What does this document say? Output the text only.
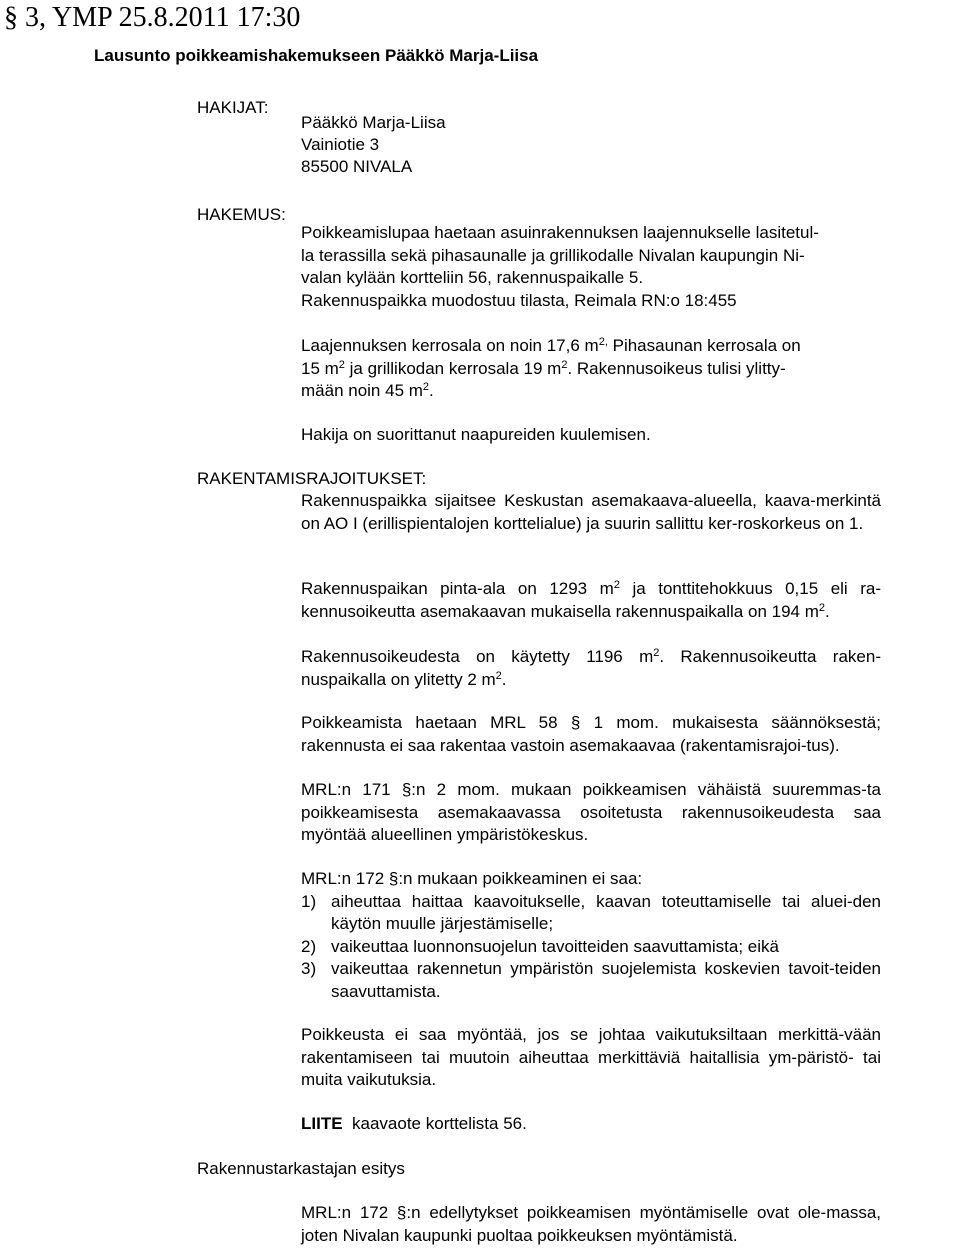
§ 3, YMP 25.8.2011 17:30
Lausunto poikkeamishakemukseen Pääkkö Marja-Liisa
HAKIJAT:

Pääkkö Marja-Liisa

Vainiotie 3

85500 NIVALA

HAKEMUS:

Poikkeamislupaa haetaan asuinrakennuksen laajennukselle lasitetul-

la terassilla sekä pihasaunalle ja grillikodalle Nivalan kaupungin Ni-

valan kylään kortteliin 56, rakennuspaikalle 5.

Rakennuspaikka muodostuu tilasta, Reimala RN:o 18:455

Laajennuksen kerrosala on noin 17,6 $m^{2,}$ Pihasaunan kerrosala on

15 $m^2$ ja grillikodan kerrosala 19 $m^2$. Rakennusoikeus tulisi ylitty-

mään noin 45 $m^2$.

Hakija on suorittanut naapureiden kuulemisen.
RAKENTAMISRAJOITUKSET:
Rakennuspaikka sijaitsee Keskustan asemakaava-alueella, kaava-merkintä on AO I (erillispientalojen korttelialue) ja suurin sallittu ker-roskorkeus on 1.
Rakennuspaikan pinta-ala on 1293 $m^2$ ja tonttitehokkuus 0,15 eli ra-kennusoikeutta asemakaavan mukaisella rakennuspaikalla on 194 $m^2$.
Rakennusoikeudesta on käytetty 1196 $m^2$. Rakennusoikeutta raken-nuspaikalla on ylitetty 2 $m^2$.
Poikkeamista haetaan MRL 58 § 1 mom. mukaisesta säännöksestä; rakennusta ei saa rakentaa vastoin asemakaavaa (rakentamisrajoi-tus).
MRL:n 171 §:n 2 mom. mukaan poikkeamisen vähäistä suuremmas-ta poikkeamisesta asemakaavassa osoitetusta rakennusoikeudesta saa myöntää alueellinen ympäristökeskus.

MRL:n 172 §:n mukaan poikkeaminen ei saa:

1) aiheuttaa haittaa kaavoitukselle, kaavan toteuttamiselle tai aluei-den käytön muulle järjestämiselle;
2) vaikeuttaa luonnonsuojelun tavoitteiden saavuttamista; eikä
3) vaikeuttaa rakennetun ympäristön suojelemista koskevien tavoit-teiden saavuttamista.
Poikkeusta ei saa myöntää, jos se johtaa vaikutuksiltaan merkittä-vään rakentamiseen tai muutoin aiheuttaa merkittäviä haitallisia ym-päristö- tai muita vaikutuksia.
LIITE kaavaote korttelista 56.
Rakennustarkastajan esitys
MRL:n 172 §:n edellytykset poikkeamisen myöntämiselle ovat ole-massa, joten Nivalan kaupunki puoltaa poikkeuksen myöntämistä.
